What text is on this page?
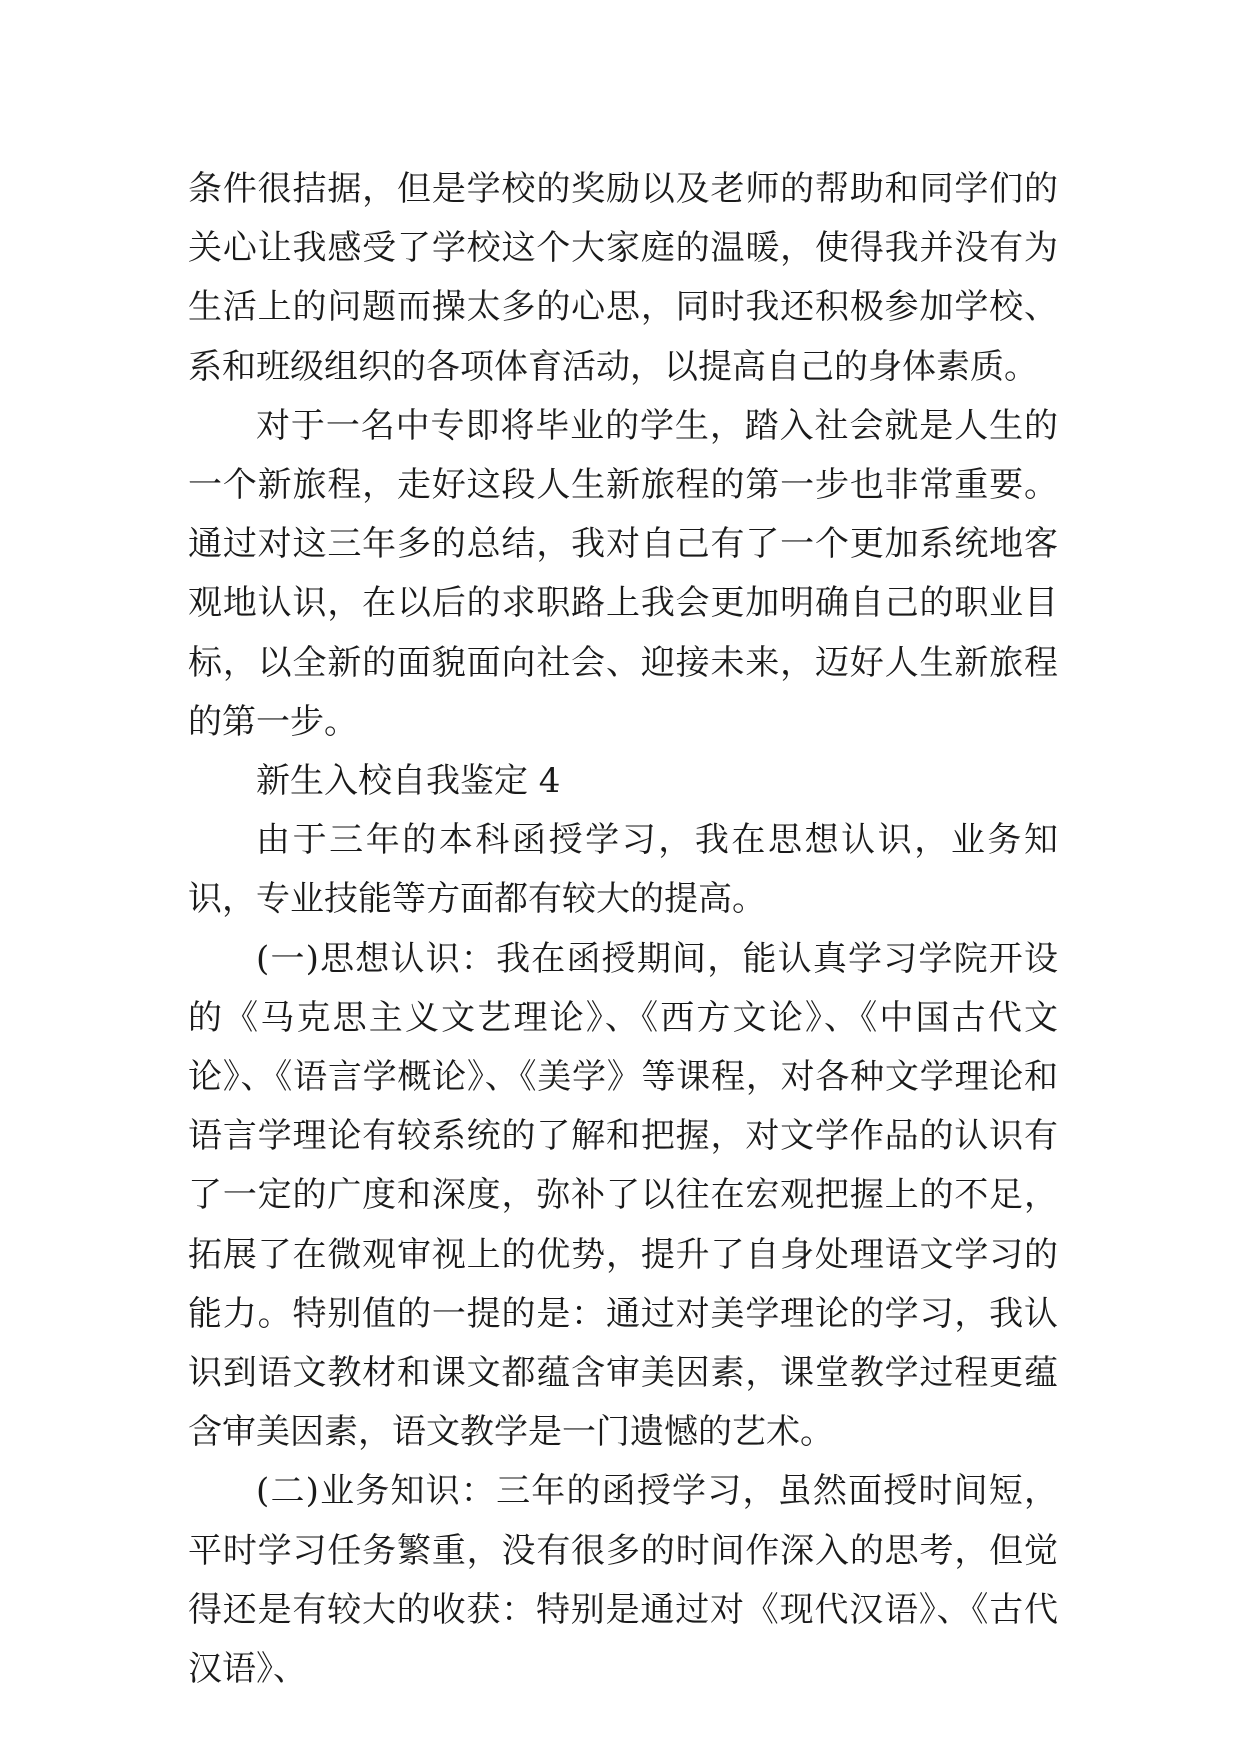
条件很拮据，但是学校的奖励以及老师的帮助和同学们的关心让我感受了学校这个大家庭的温暖，使得我并没有为生活上的问题而操太多的心思，同时我还积极参加学校、系和班级组织的各项体育活动，以提高自己的身体素质。

对于一名中专即将毕业的学生，踏入社会就是人生的一个新旅程，走好这段人生新旅程的第一步也非常重要。通过对这三年多的总结，我对自己有了一个更加系统地客观地认识，在以后的求职路上我会更加明确自己的职业目标，以全新的面貌面向社会、迎接未来，迈好人生新旅程的第一步。

新生入校自我鉴定 4

由于三年的本科函授学习，我在思想认识，业务知识，专业技能等方面都有较大的提高。

(一)思想认识：我在函授期间，能认真学习学院开设的《马克思主义文艺理论》、《西方文论》、《中国古代文论》、《语言学概论》、《美学》等课程，对各种文学理论和语言学理论有较系统的了解和把握，对文学作品的认识有了一定的广度和深度，弥补了以往在宏观把握上的不足，拓展了在微观审视上的优势，提升了自身处理语文学习的能力。特别值的一提的是：通过对美学理论的学习，我认识到语文教材和课文都蕴含审美因素，课堂教学过程更蕴含审美因素，语文教学是一门遗憾的艺术。

(二)业务知识：三年的函授学习，虽然面授时间短，平时学习任务繁重，没有很多的时间作深入的思考，但觉得还是有较大的收获：特别是通过对《现代汉语》、《古代汉语》、
